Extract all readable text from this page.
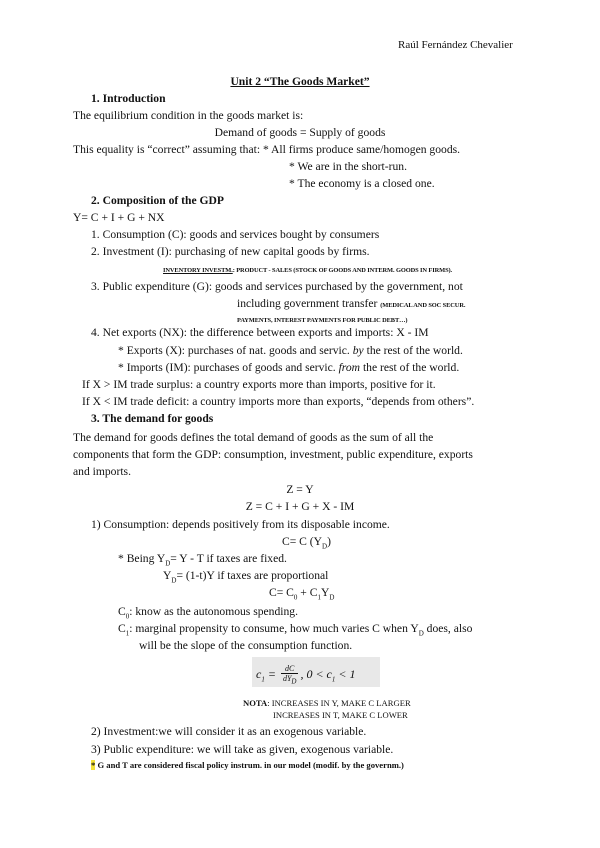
Raúl Fernández Chevalier
Unit 2 “The Goods Market”
1. Introduction
The equilibrium condition in the goods market is:
Demand of goods = Supply of goods
This equality is “correct” assuming that: * All firms produce same/homogen goods.
* We are in the short-run.
* The economy is a closed one.
2. Composition of the GDP
Y= C + I + G + NX
1. Consumption (C): goods and services bought by consumers
2. Investment (I): purchasing of new capital goods by firms.
INVENTORY INVESTM.: PRODUCT - SALES (STOCK OF GOODS AND INTERM. GOODS IN FIRMS).
3. Public expenditure (G): goods and services purchased by the government, not
including government transfer (MEDICAL AND SOC SECUR.
PAYMENTS, INTEREST PAYMENTS FOR PUBLIC DEBT…)
4. Net exports (NX): the difference between exports and imports: X - IM
* Exports (X): purchases of nat. goods and servic. by the rest of the world.
* Imports (IM): purchases of goods and servic. from the rest of the world.
If X > IM trade surplus: a country exports more than imports, positive for it.
If X < IM trade deficit: a country imports more than exports, “depends from others”.
3. The demand for goods
The demand for goods defines the total demand of goods as the sum of all the
components that form the GDP: consumption, investment, public expenditure, exports
and imports.
Z = Y
Z = C + I + G + X - IM
1) Consumption: depends positively from its disposable income.
C= C $(Y_D)$
* Being $Y_D= Y - T$ if taxes are fixed.
$Y_D= (1-t)Y$ if taxes are proportional
$C= C_0 + C_1Y_D$
$C_0$: know as the autonomous spending.
$C_1$: marginal propensity to consume, how much varies C when $Y_D$ does, also
will be the slope of the consumption function.
$c_1 = \frac{dC}{dY_D}$ , $0 < c_1 < 1$
NOTA: INCREASES IN Y, MAKE C LARGER
INCREASES IN T, MAKE C LOWER
2) Investment:we will consider it as an exogenous variable.
3) Public expenditure: we will take as given, exogenous variable.
* G and T are considered fiscal policy instrum. in our model (modif. by the governm.)
